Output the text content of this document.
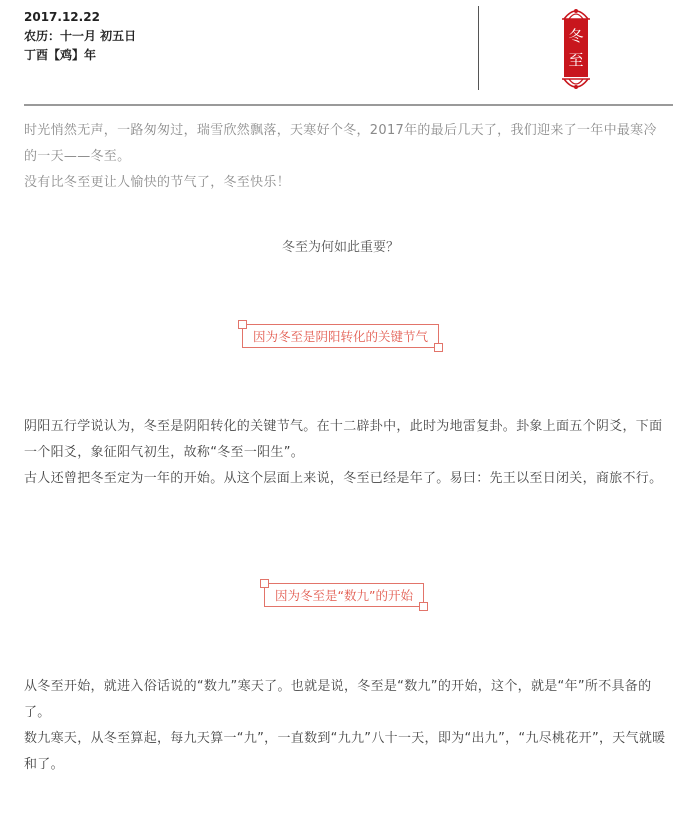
2017.12.22
农历：十一月 初五日
丁酉【鸡】年
冬
至

时光悄然无声，一路匆匆过，瑞雪欣然飘落，天寒好个冬，2017年的最后几天了，我们迎来了一年中最寒冷的一天——冬至。

没有比冬至更让人愉快的节气了，冬至快乐！

冬至为何如此重要？
因为冬至是阴阳转化的关键节气

阴阳五行学说认为，冬至是阴阳转化的关键节气。在十二辟卦中，此时为地雷复卦。卦象上面五个阴爻，下面一个阳爻，象征阳气初生，故称“冬至一阳生”。

古人还曾把冬至定为一年的开始。从这个层面上来说，冬至已经是年了。易曰：先王以至日闭关，商旅不行。

因为冬至是“数九”的开始

从冬至开始，就进入俗话说的“数九”寒天了。也就是说，冬至是“数九”的开始，这个，就是“年”所不具备的了。

数九寒天，从冬至算起，每九天算一“九”，一直数到“九九”八十一天，即为“出九”，“九尽桃花开”，天气就暖和了。
